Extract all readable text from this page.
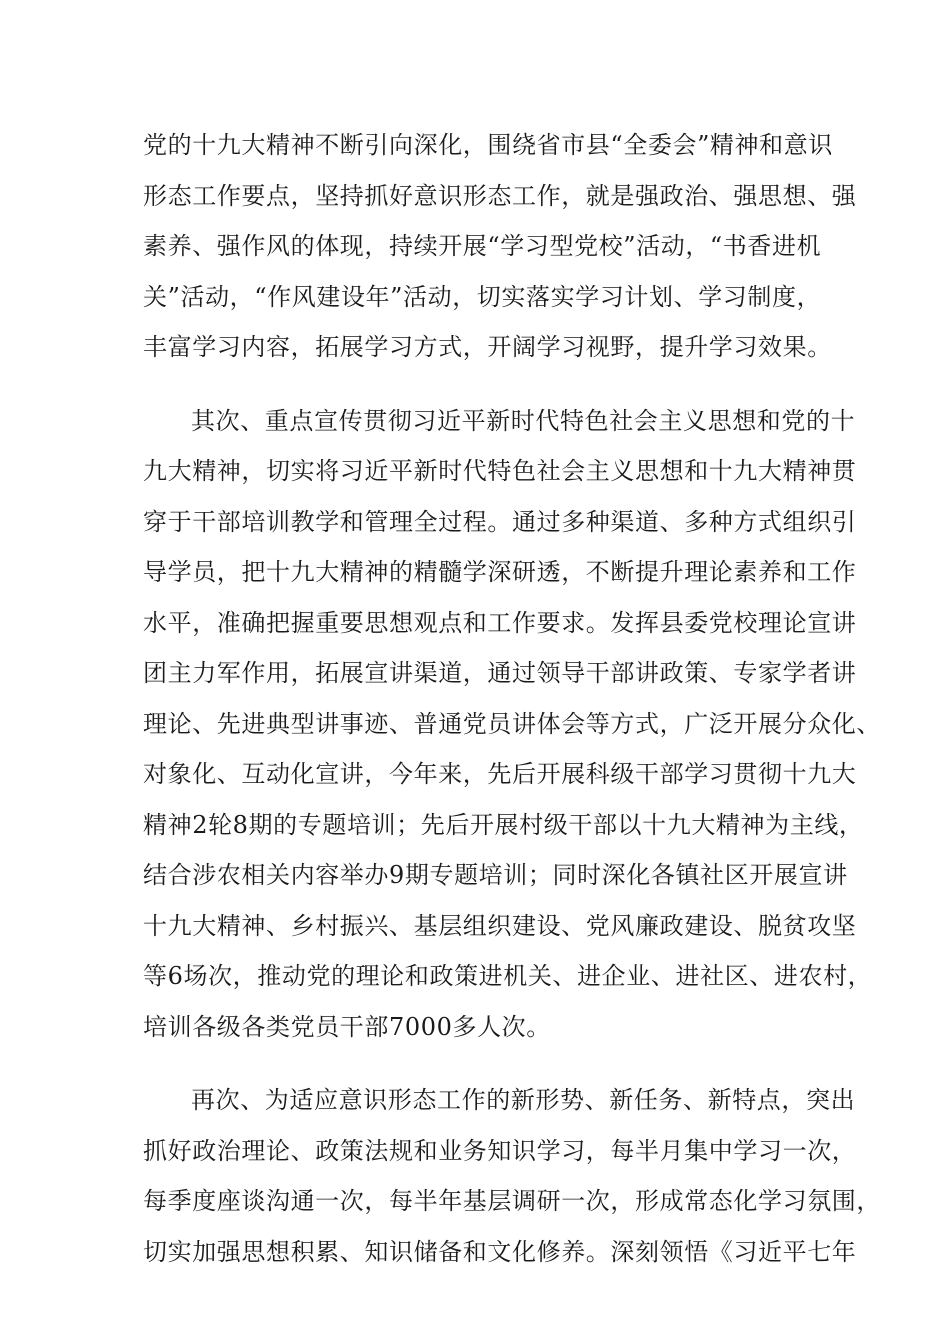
党的十九大精神不断引向深化，围绕省市县“全委会”精神和意识

形态工作要点，坚持抓好意识形态工作，就是强政治、强思想、强

素养、强作风的体现，持续开展“学习型党校”活动，“书香进机

关”活动，“作风建设年”活动，切实落实学习计划、学习制度，

丰富学习内容，拓展学习方式，开阔学习视野，提升学习效果。

其次、重点宣传贯彻习近平新时代特色社会主义思想和党的十

九大精神，切实将习近平新时代特色社会主义思想和十九大精神贯

穿于干部培训教学和管理全过程。通过多种渠道、多种方式组织引

导学员，把十九大精神的精髓学深研透，不断提升理论素养和工作

水平，准确把握重要思想观点和工作要求。发挥县委党校理论宣讲

团主力军作用，拓展宣讲渠道，通过领导干部讲政策、专家学者讲

理论、先进典型讲事迹、普通党员讲体会等方式，广泛开展分众化、

对象化、互动化宣讲，今年来，先后开展科级干部学习贯彻十九大

精神2轮8期的专题培训；先后开展村级干部以十九大精神为主线，

结合涉农相关内容举办9期专题培训；同时深化各镇社区开展宣讲

十九大精神、乡村振兴、基层组织建设、党风廉政建设、脱贫攻坚

等6场次，推动党的理论和政策进机关、进企业、进社区、进农村，

培训各级各类党员干部7000多人次。

再次、为适应意识形态工作的新形势、新任务、新特点，突出

抓好政治理论、政策法规和业务知识学习，每半月集中学习一次，

每季度座谈沟通一次，每半年基层调研一次，形成常态化学习氛围，

切实加强思想积累、知识储备和文化修养。深刻领悟《习近平七年
